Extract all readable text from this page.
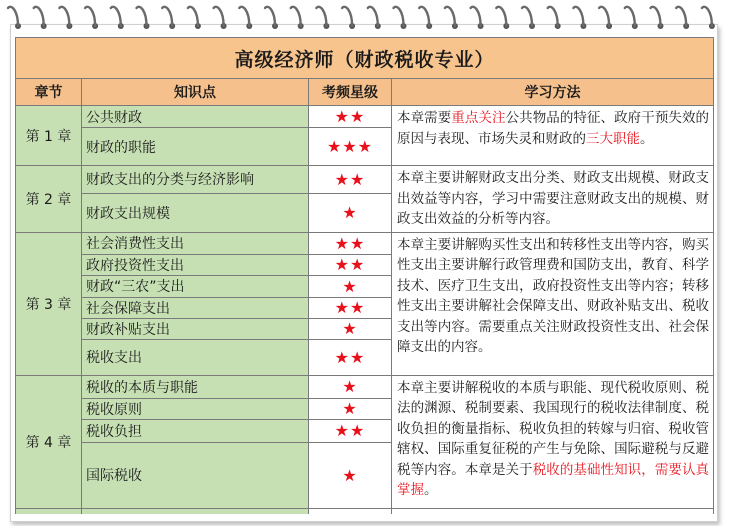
高级经济师（财政税收专业）			
章节	知识点	考频星级	学习方法
第 1 章	公共财政	★★	本章需要重点关注公共物品的特征、政府干预失效的原因与表现、市场失灵和财政的三大职能。
	财政的职能	★★★	
第 2 章	财政支出的分类与经济影响	★★	本章主要讲解财政支出分类、财政支出规模、财政支出效益等内容，学习中需要注意财政支出的规模、财政支出效益的分析等内容。
	财政支出规模	★	
第 3 章	社会消费性支出	★★	本章主要讲解购买性支出和转移性支出等内容，购买性支出主要讲解行政管理费和国防支出，教育、科学技术、医疗卫生支出，政府投资性支出等内容；转移性支出主要讲解社会保障支出、财政补贴支出、税收支出等内容。需要重点关注财政投资性支出、社会保障支出的内容。
	政府投资性支出	★★	
	财政“三农”支出	★	
	社会保障支出	★★	
	财政补贴支出	★	
	税收支出	★★	
第 4 章	税收的本质与职能	★	本章主要讲解税收的本质与职能、现代税收原则、税法的渊源、税制要素、我国现行的税收法律制度、税收负担的衡量指标、税收负担的转嫁与归宿、税收管辖权、国际重复征税的产生与免除、国际避税与反避税等内容。本章是关于税收的基础性知识，需要认真掌握。
	税收原则	★	
	税收负担	★★	
	国际税收	★	
